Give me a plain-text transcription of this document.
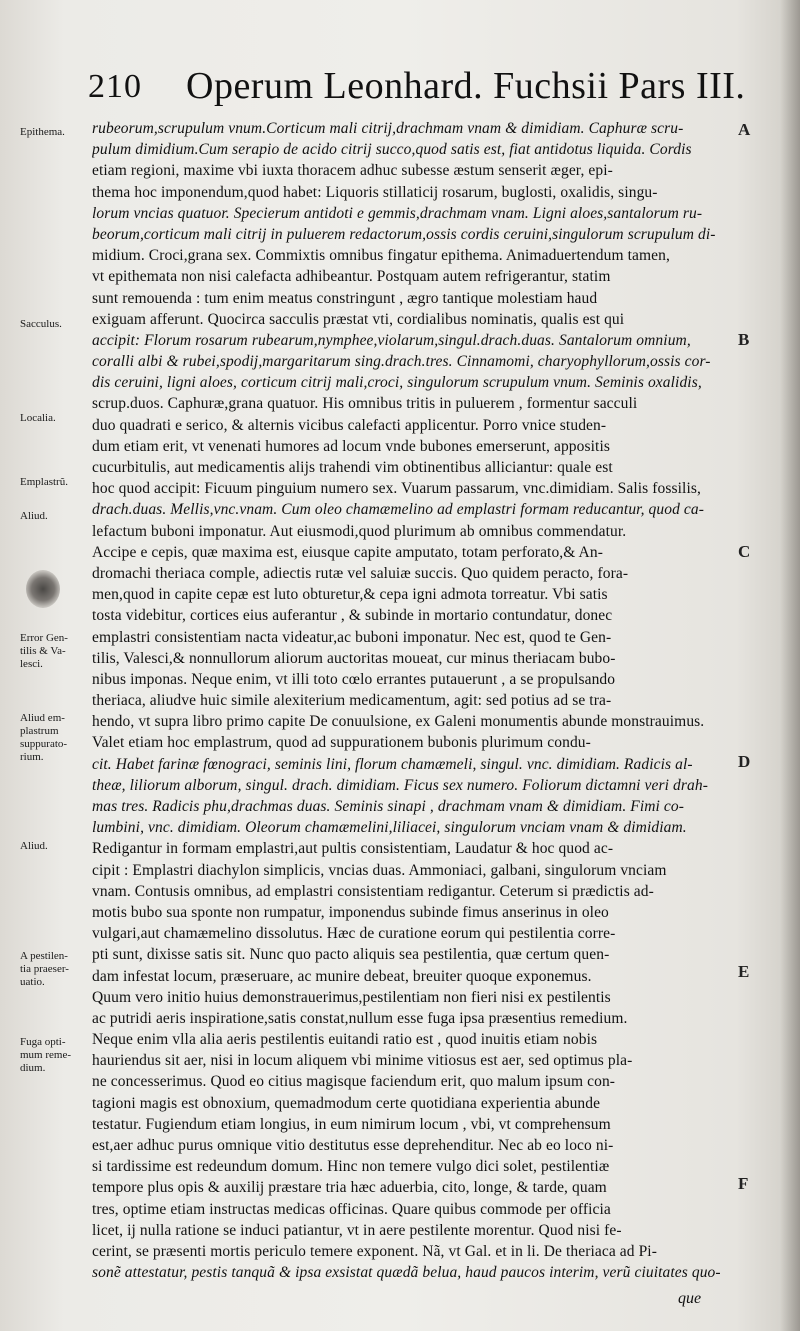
210 Operum Leonhard. Fuchsii Pars III.
Epithema.
Sacculus.
Localia.
Emplastrũ.
Aliud.
Error Gen-
tilis & Va-
lesci.
Aliud em-
plastrum
suppurato-
rium.
Aliud.
A pestilen-
tia praeser-
uatio.
Fuga opti-
mum reme-
dium.
rubeorum,scrupulum vnum.Corticum mali citrij,drachmam vnam & dimidiam. Caphuræ scru-
pulum dimidium.Cum serapio de acido citrij succo,quod satis est, fiat antidotus liquida. Cordis
etiam regioni, maxime vbi iuxta thoracem adhuc subesse æstum senserit æger, epi-
thema hoc imponendum,quod habet: Liquoris stillaticij rosarum, buglosti, oxalidis, singu-
lorum vncias quatuor. Specierum antidoti e gemmis,drachmam vnam. Ligni aloes,santalorum ru-
beorum,corticum mali citrij in puluerem redactorum,ossis cordis ceruini,singulorum scrupulum di-
midium. Croci,grana sex. Commixtis omnibus fingatur epithema. Animaduertendum tamen,
vt epithemata non nisi calefacta adhibeantur. Postquam autem refrigerantur, statim
sunt remouenda : tum enim meatus constringunt , ægro tantique molestiam haud
exiguam afferunt. Quocirca sacculis præstat vti, cordialibus nominatis, qualis est qui
accipit: Florum rosarum rubearum,nymphee,violarum,singul.drach.duas. Santalorum omnium,
coralli albi & rubei,spodij,margaritarum sing.drach.tres. Cinnamomi, charyophyllorum,ossis cor-
dis ceruini, ligni aloes, corticum citrij mali,croci, singulorum scrupulum vnum. Seminis oxalidis,
scrup.duos. Caphuræ,grana quatuor. His omnibus tritis in puluerem , formentur sacculi
duo quadrati e serico, & alternis vicibus calefacti applicentur. Porro vnice studen-
dum etiam erit, vt venenati humores ad locum vnde bubones emerserunt, appositis
cucurbitulis, aut medicamentis alijs trahendi vim obtinentibus alliciantur: quale est
hoc quod accipit: Ficuum pinguium numero sex. Vuarum passarum, vnc.dimidiam. Salis fossilis,
drach.duas. Mellis,vnc.vnam. Cum oleo chamæmelino ad emplastri formam reducantur, quod ca-
lefactum buboni imponatur. Aut eiusmodi,quod plurimum ab omnibus commendatur.
Accipe e cepis, quæ maxima est, eiusque capite amputato, totam perforato,& An-
dromachi theriaca comple, adiectis rutæ vel saluiæ succis. Quo quidem peracto, fora-
men,quod in capite cepæ est luto obturetur,& cepa igni admota torreatur. Vbi satis
tosta videbitur, cortices eius auferantur , & subinde in mortario contundatur, donec
emplastri consistentiam nacta videatur,ac buboni imponatur. Nec est, quod te Gen-
tilis, Valesci,& nonnullorum aliorum auctoritas moueat, cur minus theriacam bubo-
nibus imponas. Neque enim, vt illi toto cœlo errantes putauerunt , a se propulsando
theriaca, aliudve huic simile alexiterium medicamentum, agit: sed potius ad se tra-
hendo, vt supra libro primo capite De conuulsione, ex Galeni monumentis abunde monstrauimus.
Valet etiam hoc emplastrum, quod ad suppurationem bubonis plurimum condu-
cit. Habet farinæ fœnograci, seminis lini, florum chamæmeli, singul. vnc. dimidiam. Radicis al-
theæ, liliorum alborum, singul. drach. dimidiam. Ficus sex numero. Foliorum dictamni veri drah-
mas tres. Radicis phu,drachmas duas. Seminis sinapi , drachmam vnam & dimidiam. Fimi co-
lumbini, vnc. dimidiam. Oleorum chamæmelini,liliacei, singulorum vnciam vnam & dimidiam.
Redigantur in formam emplastri,aut pultis consistentiam, Laudatur & hoc quod ac-
cipit : Emplastri diachylon simplicis, vncias duas. Ammoniaci, galbani, singulorum vnciam
vnam. Contusis omnibus, ad emplastri consistentiam redigantur. Ceterum si prædictis ad-
motis bubo sua sponte non rumpatur, imponendus subinde fimus anserinus in oleo
vulgari,aut chamæmelino dissolutus. Hæc de curatione eorum qui pestilentia corre-
pti sunt, dixisse satis sit. Nunc quo pacto aliquis sea pestilentia, quæ certum quen-
dam infestat locum, præseruare, ac munire debeat, breuiter quoque exponemus.
Quum vero initio huius demonstrauerimus,pestilentiam non fieri nisi ex pestilentis
ac putridi aeris inspiratione,satis constat,nullum esse fuga ipsa præsentius remedium.
Neque enim vlla alia aeris pestilentis euitandi ratio est , quod inuitis etiam nobis
hauriendus sit aer, nisi in locum aliquem vbi minime vitiosus est aer, sed optimus pla-
ne concesserimus. Quod eo citius magisque faciendum erit, quo malum ipsum con-
tagioni magis est obnoxium, quemadmodum certe quotidiana experientia abunde
testatur. Fugiendum etiam longius, in eum nimirum locum , vbi, vt comprehensum
est,aer adhuc purus omnique vitio destitutus esse deprehenditur. Nec ab eo loco ni-
si tardissime est redeundum domum. Hinc non temere vulgo dici solet, pestilentiæ
tempore plus opis & auxilij præstare tria hæc aduerbia, cito, longe, & tarde, quam
tres, optime etiam instructas medicas officinas. Quare quibus commode per officia
licet, ij nulla ratione se induci patiantur, vt in aere pestilente morentur. Quod nisi fe-
cerint, se præsenti mortis periculo temere exponent. Nã, vt Gal. et in li. De theriaca ad Pi-
sonẽ attestatur, pestis tanquã & ipsa exsistat quædã belua, haud paucos interim, verũ ciuitates quo-
A
B
C
D
E
F
que
